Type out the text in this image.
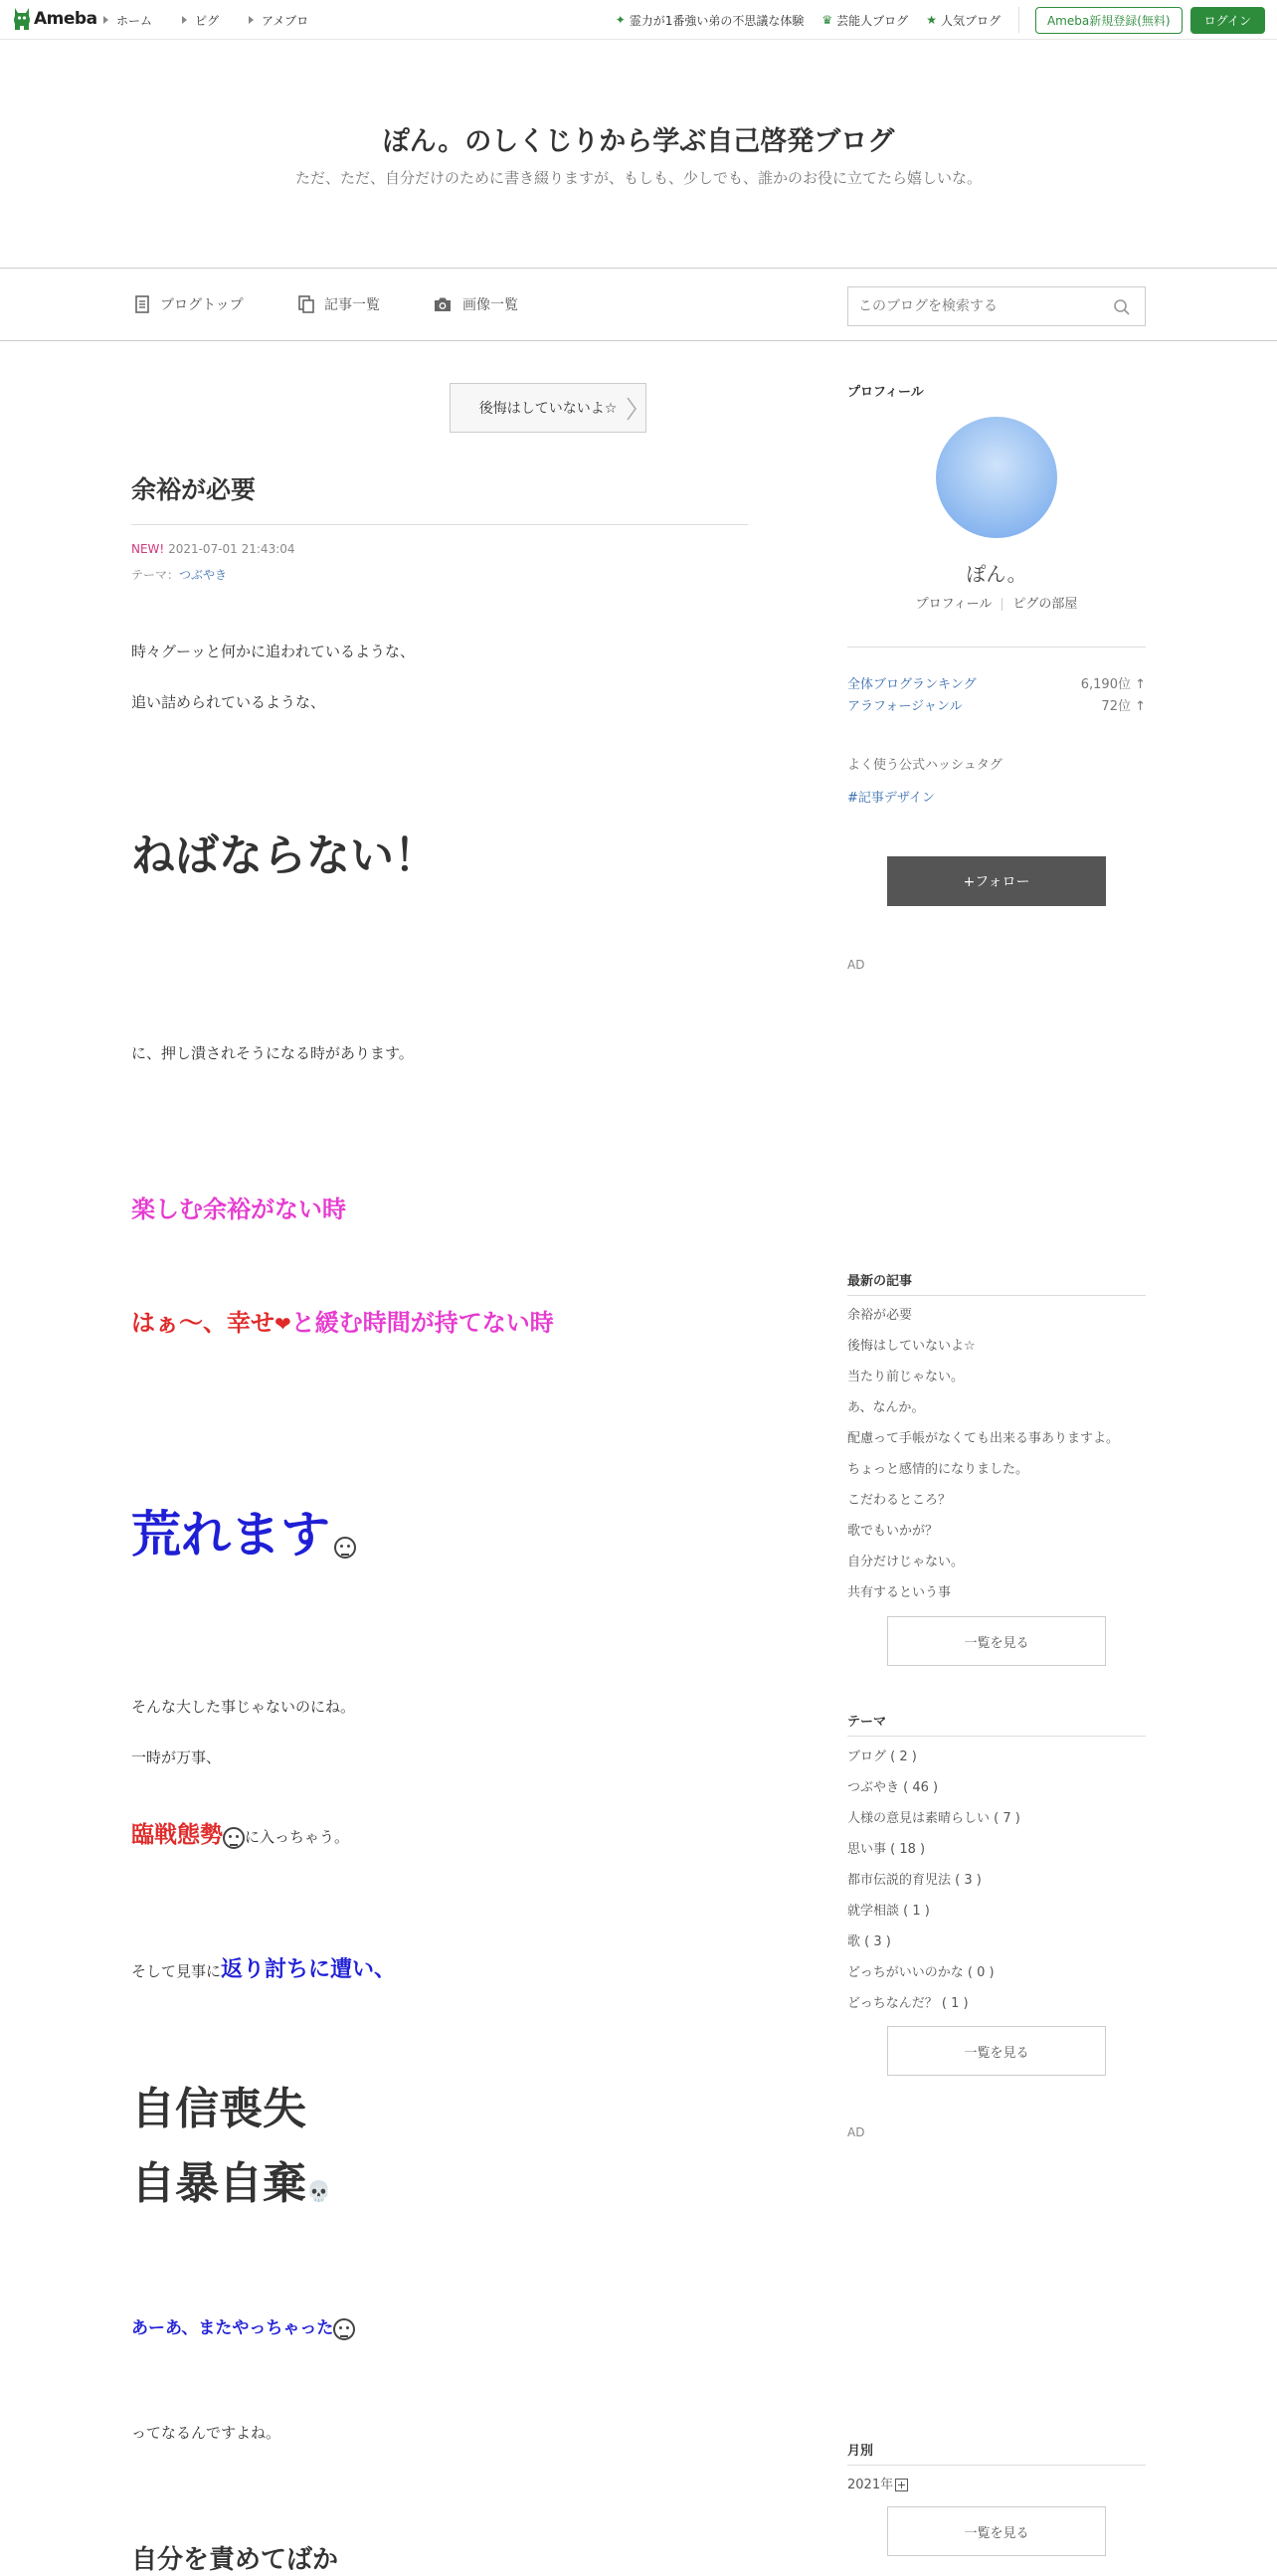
Ameba ホーム	ピグ	アメブロ	✦ 霊力が1番強い弟の不思議な体験 ♛ 芸能人ブログ ★ 人気ブログ	Ameba新規登録(無料)	ログイン
ぽん。のしくじりから学ぶ自己啓発ブログ
ただ、ただ、自分だけのために書き綴りますが、もしも、少しでも、誰かのお役に立てたら嬉しいな。
ブログトップ	記事一覧	画像一覧
このブログを検索する
後悔はしていないよ☆
余裕が必要
NEW! 2021-07-01 21:43:04
テーマ：つぶやき
時々グーッと何かに追われているような、
追い詰められているような、
ねばならない！
に、押し潰されそうになる時があります。
楽しむ余裕がない時
はぁ〜、幸せ❤と緩む時間が持てない時
荒れます
そんな大した事じゃないのにね。
一時が万事、
臨戦態勢 に入っちゃう。
そして見事に返り討ちに遭い、
自信喪失
自暴自棄💀
あーあ、またやっちゃった
ってなるんですよね。
自分を責めてばか
プロフィール
ぽん。
プロフィール ピグの部屋
全体ブログランキング	6,190位 ↑
アラフォージャンル	72位 ↑
よく使う公式ハッシュタグ
#記事デザイン
+フォロー
AD
最新の記事
余裕が必要
後悔はしていないよ☆
当たり前じゃない。
あ、なんか。
配慮って手帳がなくても出来る事ありますよ。
ちょっと感情的になりました。
こだわるところ？
歌でもいかが？
自分だけじゃない。
共有するという事
一覧を見る
テーマ
ブログ ( 2 )
つぶやき ( 46 )
人様の意見は素晴らしい ( 7 )
思い事 ( 18 )
都市伝説的育児法 ( 3 )
就学相談 ( 1 )
歌 ( 3 )
どっちがいいのかな ( 0 )
どっちなんだ？ ( 1 )
一覧を見る
AD
月別
2021年
一覧を見る
